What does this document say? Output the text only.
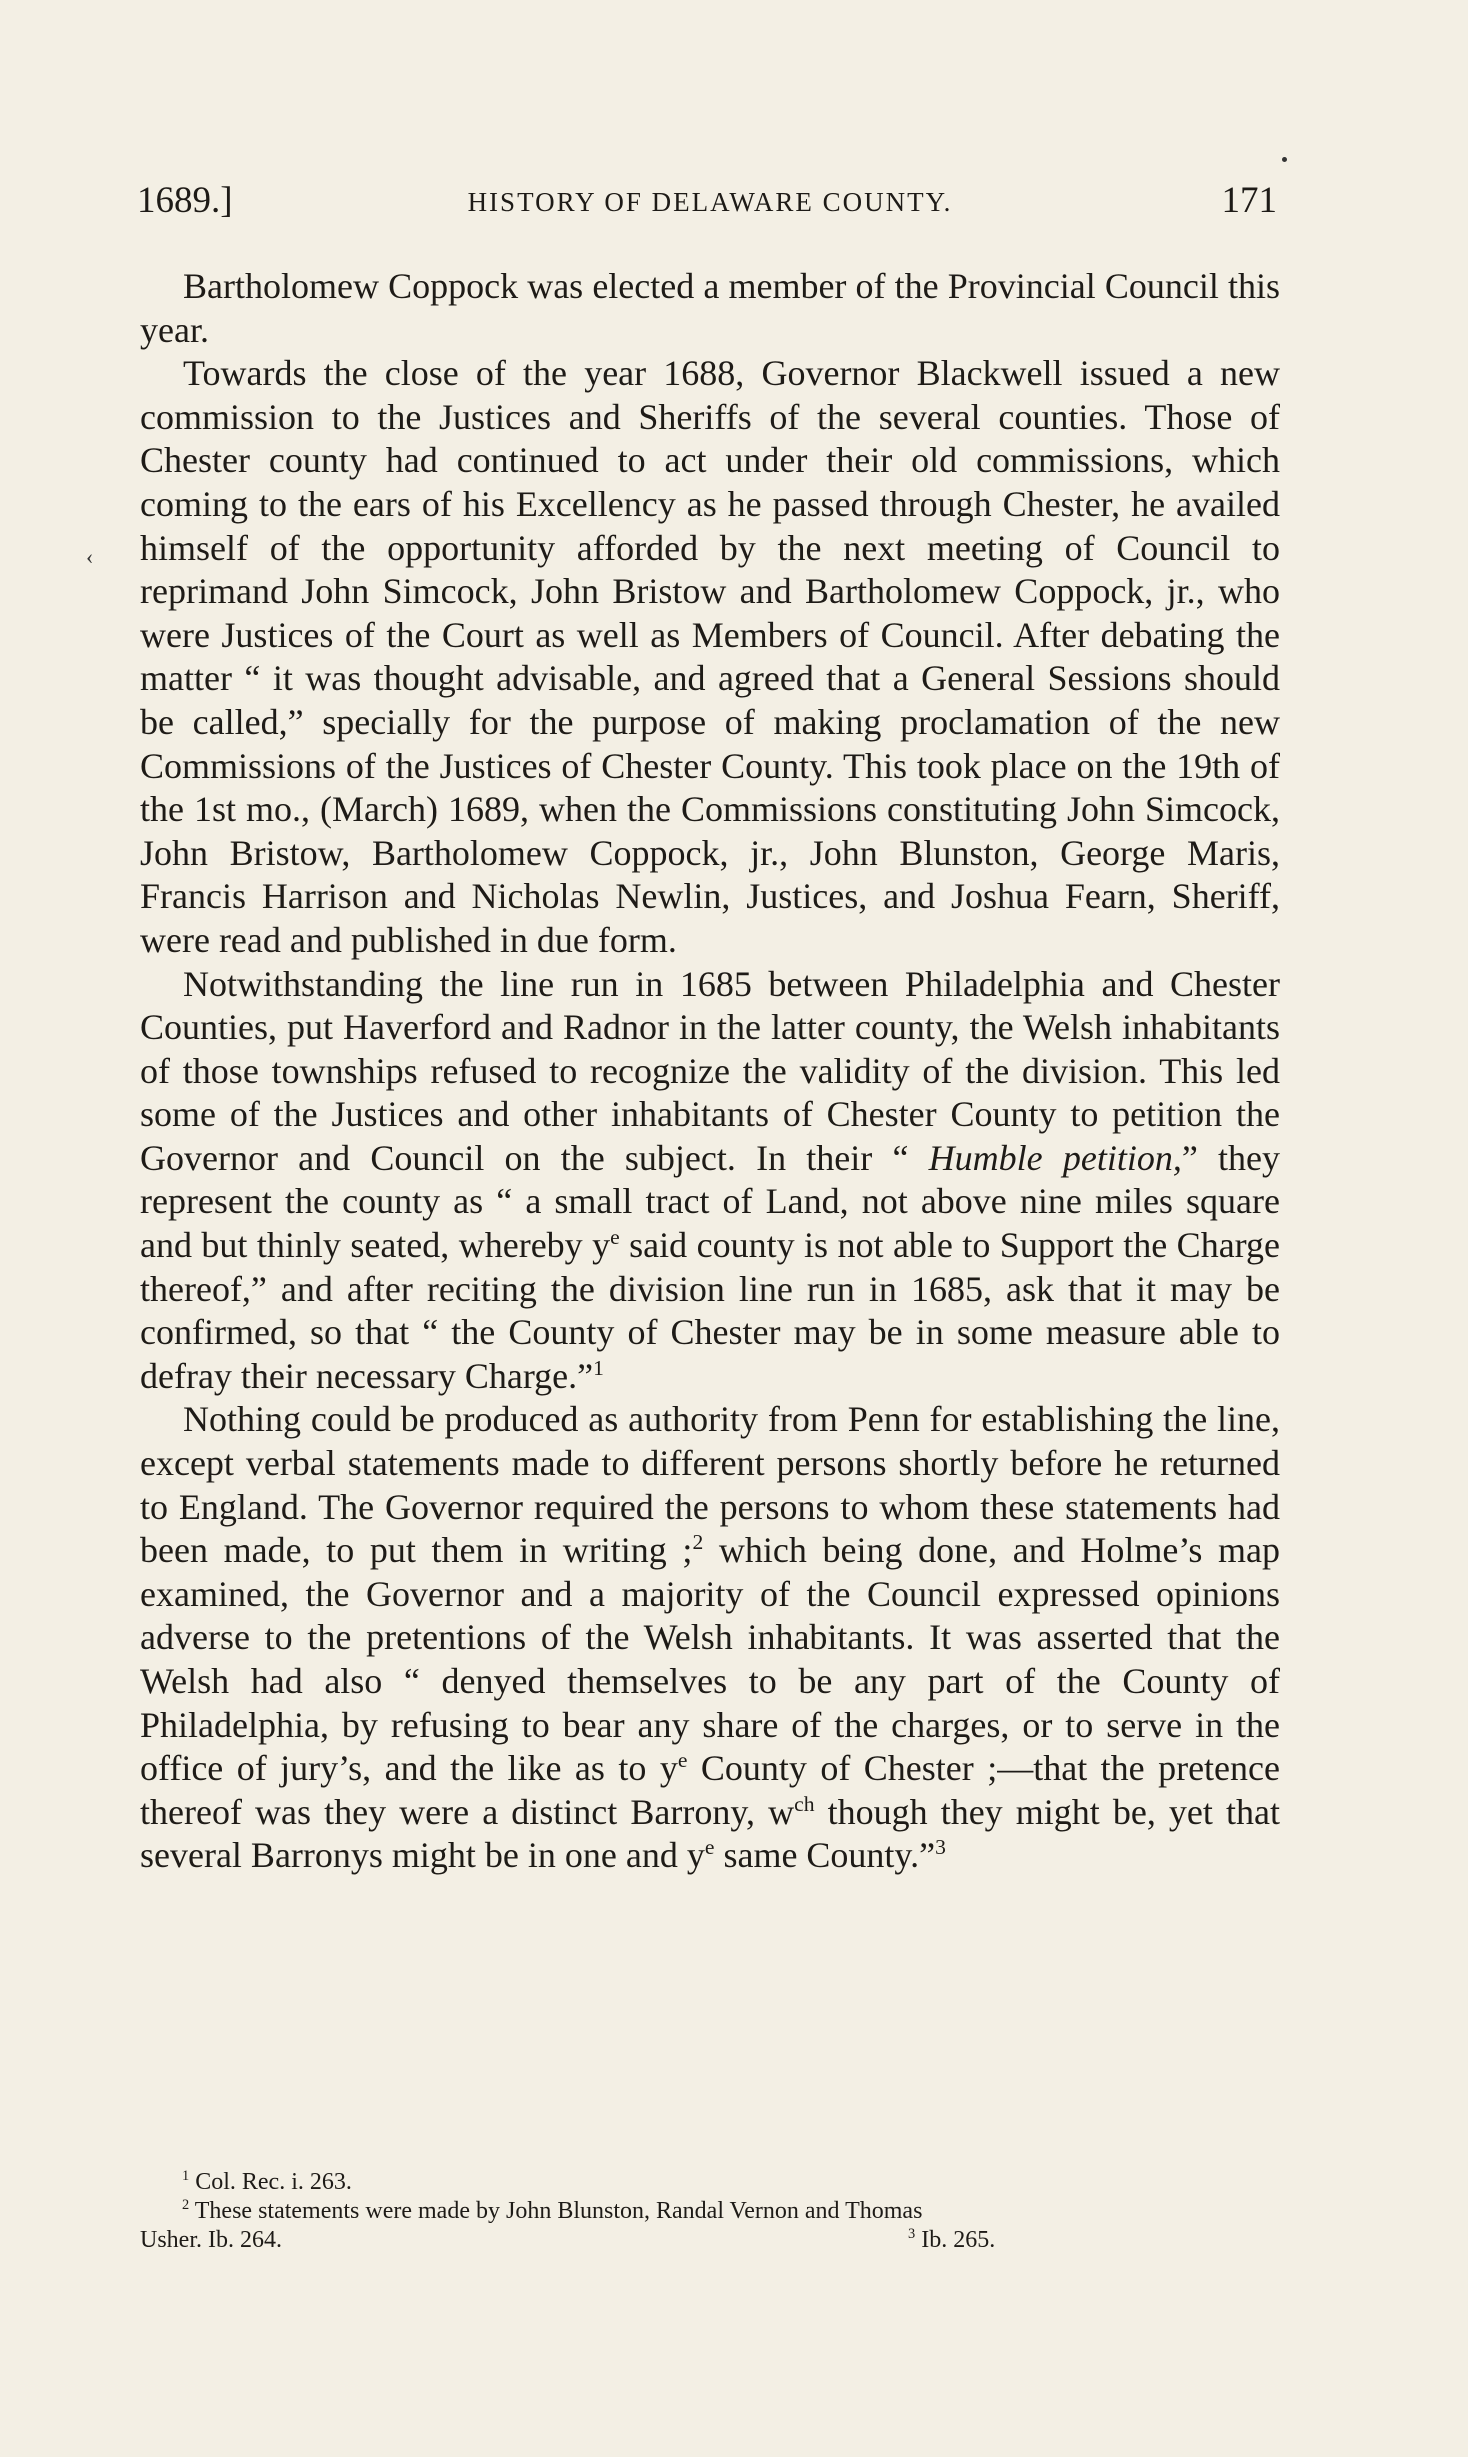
‹
1689.]	HISTORY OF DELAWARE COUNTY.	171

Bartholomew Coppock was elected a member of the Provincial Council this year.

Towards the close of the year 1688, Governor Blackwell issued a new commission to the Justices and Sheriffs of the several counties. Those of Chester county had continued to act under their old commissions, which coming to the ears of his Excellency as he passed through Chester, he availed himself of the opportunity afforded by the next meeting of Council to reprimand John Simcock, John Bristow and Bartholomew Coppock, jr., who were Justices of the Court as well as Members of Council. After debating the matter “ it was thought advisable, and agreed that a General Sessions should be called,” specially for the purpose of making proclamation of the new Commissions of the Justices of Chester County. This took place on the 19th of the 1st mo., (March) 1689, when the Commissions constituting John Simcock, John Bristow, Bartholomew Coppock, jr., John Blunston, George Maris, Francis Harrison and Nicholas Newlin, Justices, and Joshua Fearn, Sheriff, were read and published in due form.

Notwithstanding the line run in 1685 between Philadelphia and Chester Counties, put Haverford and Radnor in the latter county, the Welsh inhabitants of those townships refused to recognize the validity of the division. This led some of the Justices and other inhabitants of Chester County to petition the Governor and Council on the subject. In their “ Humble petition,” they represent the county as “ a small tract of Land, not above nine miles square and but thinly seated, whereby $y^e$ said county is not able to Support the Charge thereof,” and after reciting the division line run in 1685, ask that it may be confirmed, so that “ the County of Chester may be in some measure able to defray their necessary Charge.”$^1$

Nothing could be produced as authority from Penn for establishing the line, except verbal statements made to different persons shortly before he returned to England. The Governor required the persons to whom these statements had been made, to put them in writing ;$^2$ which being done, and Holme’s map examined, the Governor and a majority of the Council expressed opinions adverse to the pretentions of the Welsh inhabitants. It was asserted that the Welsh had also “ denyed themselves to be any part of the County of Philadelphia, by refusing to bear any share of the charges, or to serve in the office of jury’s, and the like as to $y^e$ County of Chester ;—that the pretence thereof was they were a distinct Barrony, $w^{ch}$ though they might be, yet that several Barronys might be in one and $y^e$ same County.”$^3$

$^1$ Col. Rec. i. 263.

$^2$ These statements were made by John Blunston, Randal Vernon and Thomas

Usher. Ib. 264.	$^3$ Ib. 265.
